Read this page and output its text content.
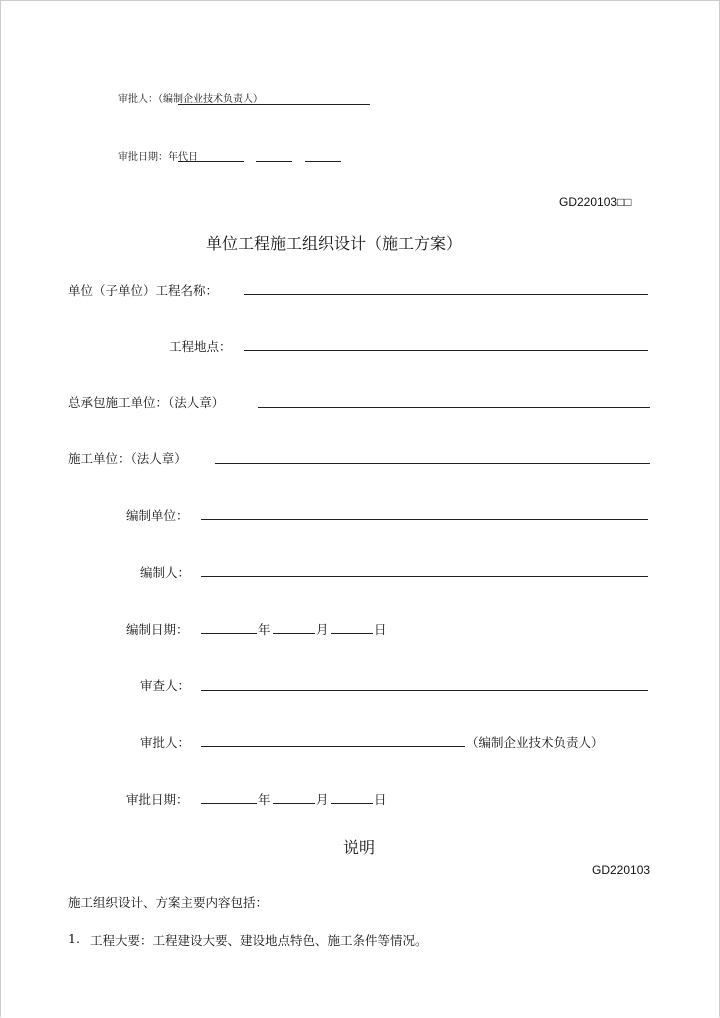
审批人：（编制企业技术负责人）
审批日期：年代日
GD220103□□
单位工程施工组织设计（施工方案）
单位（子单位）工程名称：
工程地点：
总承包施工单位：（法人章）
施工单位：（法人章）
编制单位：
编制人：
编制日期：	年	月	日
审查人：
审批人：	（编制企业技术负责人）
审批日期：	年	月	日
说明
GD220103
施工组织设计、方案主要内容包括：
1. 工程大要：工程建设大要、建设地点特色、施工条件等情况。
